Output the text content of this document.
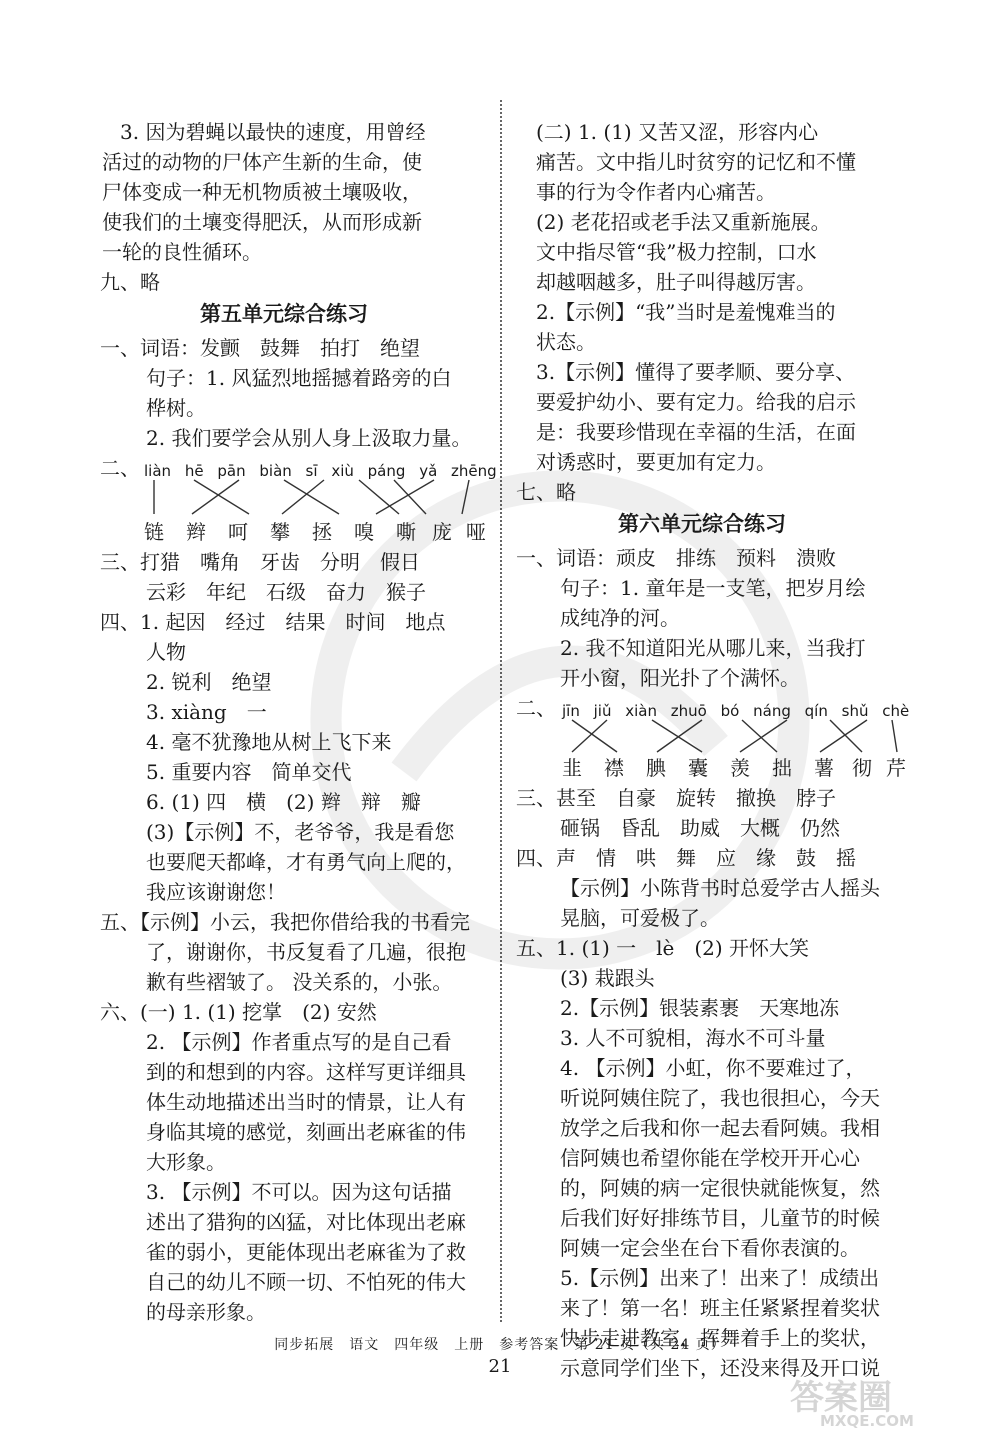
3. 因为碧蝇以最快的速度，用曾经
活过的动物的尸体产生新的生命，使
尸体变成一种无机物质被土壤吸收，
使我们的土壤变得肥沃，从而形成新
一轮的良性循环。
九、略
第五单元综合练习
一、词语：发颤　鼓舞　拍打　绝望
句子：1. 风猛烈地摇撼着路旁的白
桦树。
2. 我们要学会从别人身上汲取力量。
二、 liàn hē pān biàn sī xiù páng yǎ zhēng
链 辫 呵 攀 拯 嗅 嘶 庞 哑
三、打猎　嘴角　牙齿　分明　假日
云彩　年纪　石级　奋力　猴子
四、1. 起因　经过　结果　时间　地点
人物
2. 锐利　绝望
3. xiàng　一
4. 毫不犹豫地从树上飞下来
5. 重要内容　简单交代
6. (1) 四　横　(2) 辫　辩　瓣
(3)【示例】不，老爷爷，我是看您
也要爬天都峰，才有勇气向上爬的，
我应该谢谢您！
五、【示例】小云，我把你借给我的书看完
了，谢谢你，书反复看了几遍，很抱
歉有些褶皱了。 没关系的，小张。
六、(一) 1. (1) 挖掌　(2) 安然
2. 【示例】作者重点写的是自己看
到的和想到的内容。这样写更详细具
体生动地描述出当时的情景，让人有
身临其境的感觉，刻画出老麻雀的伟
大形象。
3. 【示例】不可以。因为这句话描
述出了猎狗的凶猛，对比体现出老麻
雀的弱小，更能体现出老麻雀为了救
自己的幼儿不顾一切、不怕死的伟大
的母亲形象。
(二) 1. (1) 又苦又涩，形容内心
痛苦。文中指儿时贫穷的记忆和不懂
事的行为令作者内心痛苦。
(2) 老花招或老手法又重新施展。
文中指尽管“我”极力控制，口水
却越咽越多，肚子叫得越厉害。
2.【示例】“我”当时是羞愧难当的
状态。
3.【示例】懂得了要孝顺、要分享、
要爱护幼小、要有定力。给我的启示
是：我要珍惜现在幸福的生活，在面
对诱惑时，要更加有定力。
七、略
第六单元综合练习
一、词语：顽皮　排练　预料　溃败
句子：1. 童年是一支笔，把岁月绘
成纯净的河。
2. 我不知道阳光从哪儿来，当我打
开小窗，阳光扑了个满怀。
二、 jīn jiǔ xiàn zhuō bó náng qín shǔ chè
韭 襟 腆 囊 羡 拙 薯 彻 芹
三、甚至　自豪　旋转　撤换　脖子
砸锅　昏乱　助威　大概　仍然
四、声　情　哄　舞　应　缘　鼓　摇
【示例】小陈背书时总爱学古人摇头
晃脑，可爱极了。
五、1. (1) 一　lè　(2) 开怀大笑
(3) 栽跟头
2.【示例】银装素裹　天寒地冻
3. 人不可貌相，海水不可斗量
4. 【示例】小虹，你不要难过了，
听说阿姨住院了，我也很担心，今天
放学之后我和你一起去看阿姨。我相
信阿姨也希望你能在学校开开心心
的，阿姨的病一定很快就能恢复，然
后我们好好排练节目，儿童节的时候
阿姨一定会坐在台下看你表演的。
5.【示例】出来了！出来了！成绩出
来了！第一名！班主任紧紧捏着奖状
快步走进教室，挥舞着手上的奖状，
示意同学们坐下，还没来得及开口说
同步拓展　语文　四年级　上册　参考答案　第 21 页（共 24 页）
21
答案圈
MXQE.COM
